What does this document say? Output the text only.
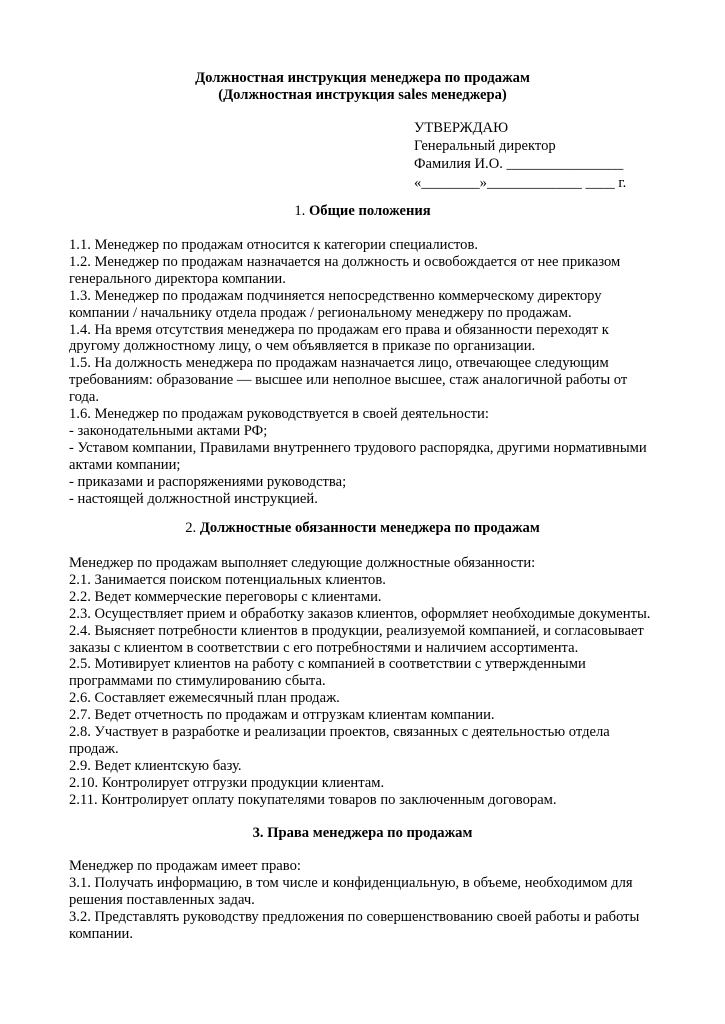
Должностная инструкция менеджера по продажам
(Должностная инструкция sales менеджера)
УТВЕРЖДАЮ
Генеральный директор
Фамилия И.О. ________________
«________»_____________ ____ г.
1. Общие положения
1.1. Менеджер по продажам относится к категории специалистов.
1.2. Менеджер по продажам назначается на должность и освобождается от нее приказом генерального директора компании.
1.3. Менеджер по продажам подчиняется непосредственно коммерческому директору компании / начальнику отдела продаж / региональному менеджеру по продажам.
1.4. На время отсутствия менеджера по продажам его права и обязанности переходят к другому должностному лицу, о чем объявляется в приказе по организации.
1.5. На должность менеджера по продажам назначается лицо, отвечающее следующим требованиям: образование — высшее или неполное высшее, стаж аналогичной работы от года.
1.6. Менеджер по продажам руководствуется в своей деятельности:
- законодательными актами РФ;
- Уставом компании, Правилами внутреннего трудового распорядка, другими нормативными актами компании;
- приказами и распоряжениями руководства;
- настоящей должностной инструкцией.
2. Должностные обязанности менеджера по продажам
Менеджер по продажам выполняет следующие должностные обязанности:
2.1. Занимается поиском потенциальных клиентов.
2.2. Ведет коммерческие переговоры с клиентами.
2.3. Осуществляет прием и обработку заказов клиентов, оформляет необходимые документы.
2.4. Выясняет потребности клиентов в продукции, реализуемой компанией, и согласовывает заказы с клиентом в соответствии с его потребностями и наличием ассортимента.
2.5. Мотивирует клиентов на работу с компанией в соответствии с утвержденными программами по стимулированию сбыта.
2.6. Составляет ежемесячный план продаж.
2.7. Ведет отчетность по продажам и отгрузкам клиентам компании.
2.8. Участвует в разработке и реализации проектов, связанных с деятельностью отдела продаж.
2.9. Ведет клиентскую базу.
2.10. Контролирует отгрузки продукции клиентам.
2.11. Контролирует оплату покупателями товаров по заключенным договорам.
3. Права менеджера по продажам
Менеджер по продажам имеет право:
3.1. Получать информацию, в том числе и конфиденциальную, в объеме, необходимом для решения поставленных задач.
3.2. Представлять руководству предложения по совершенствованию своей работы и работы компании.
